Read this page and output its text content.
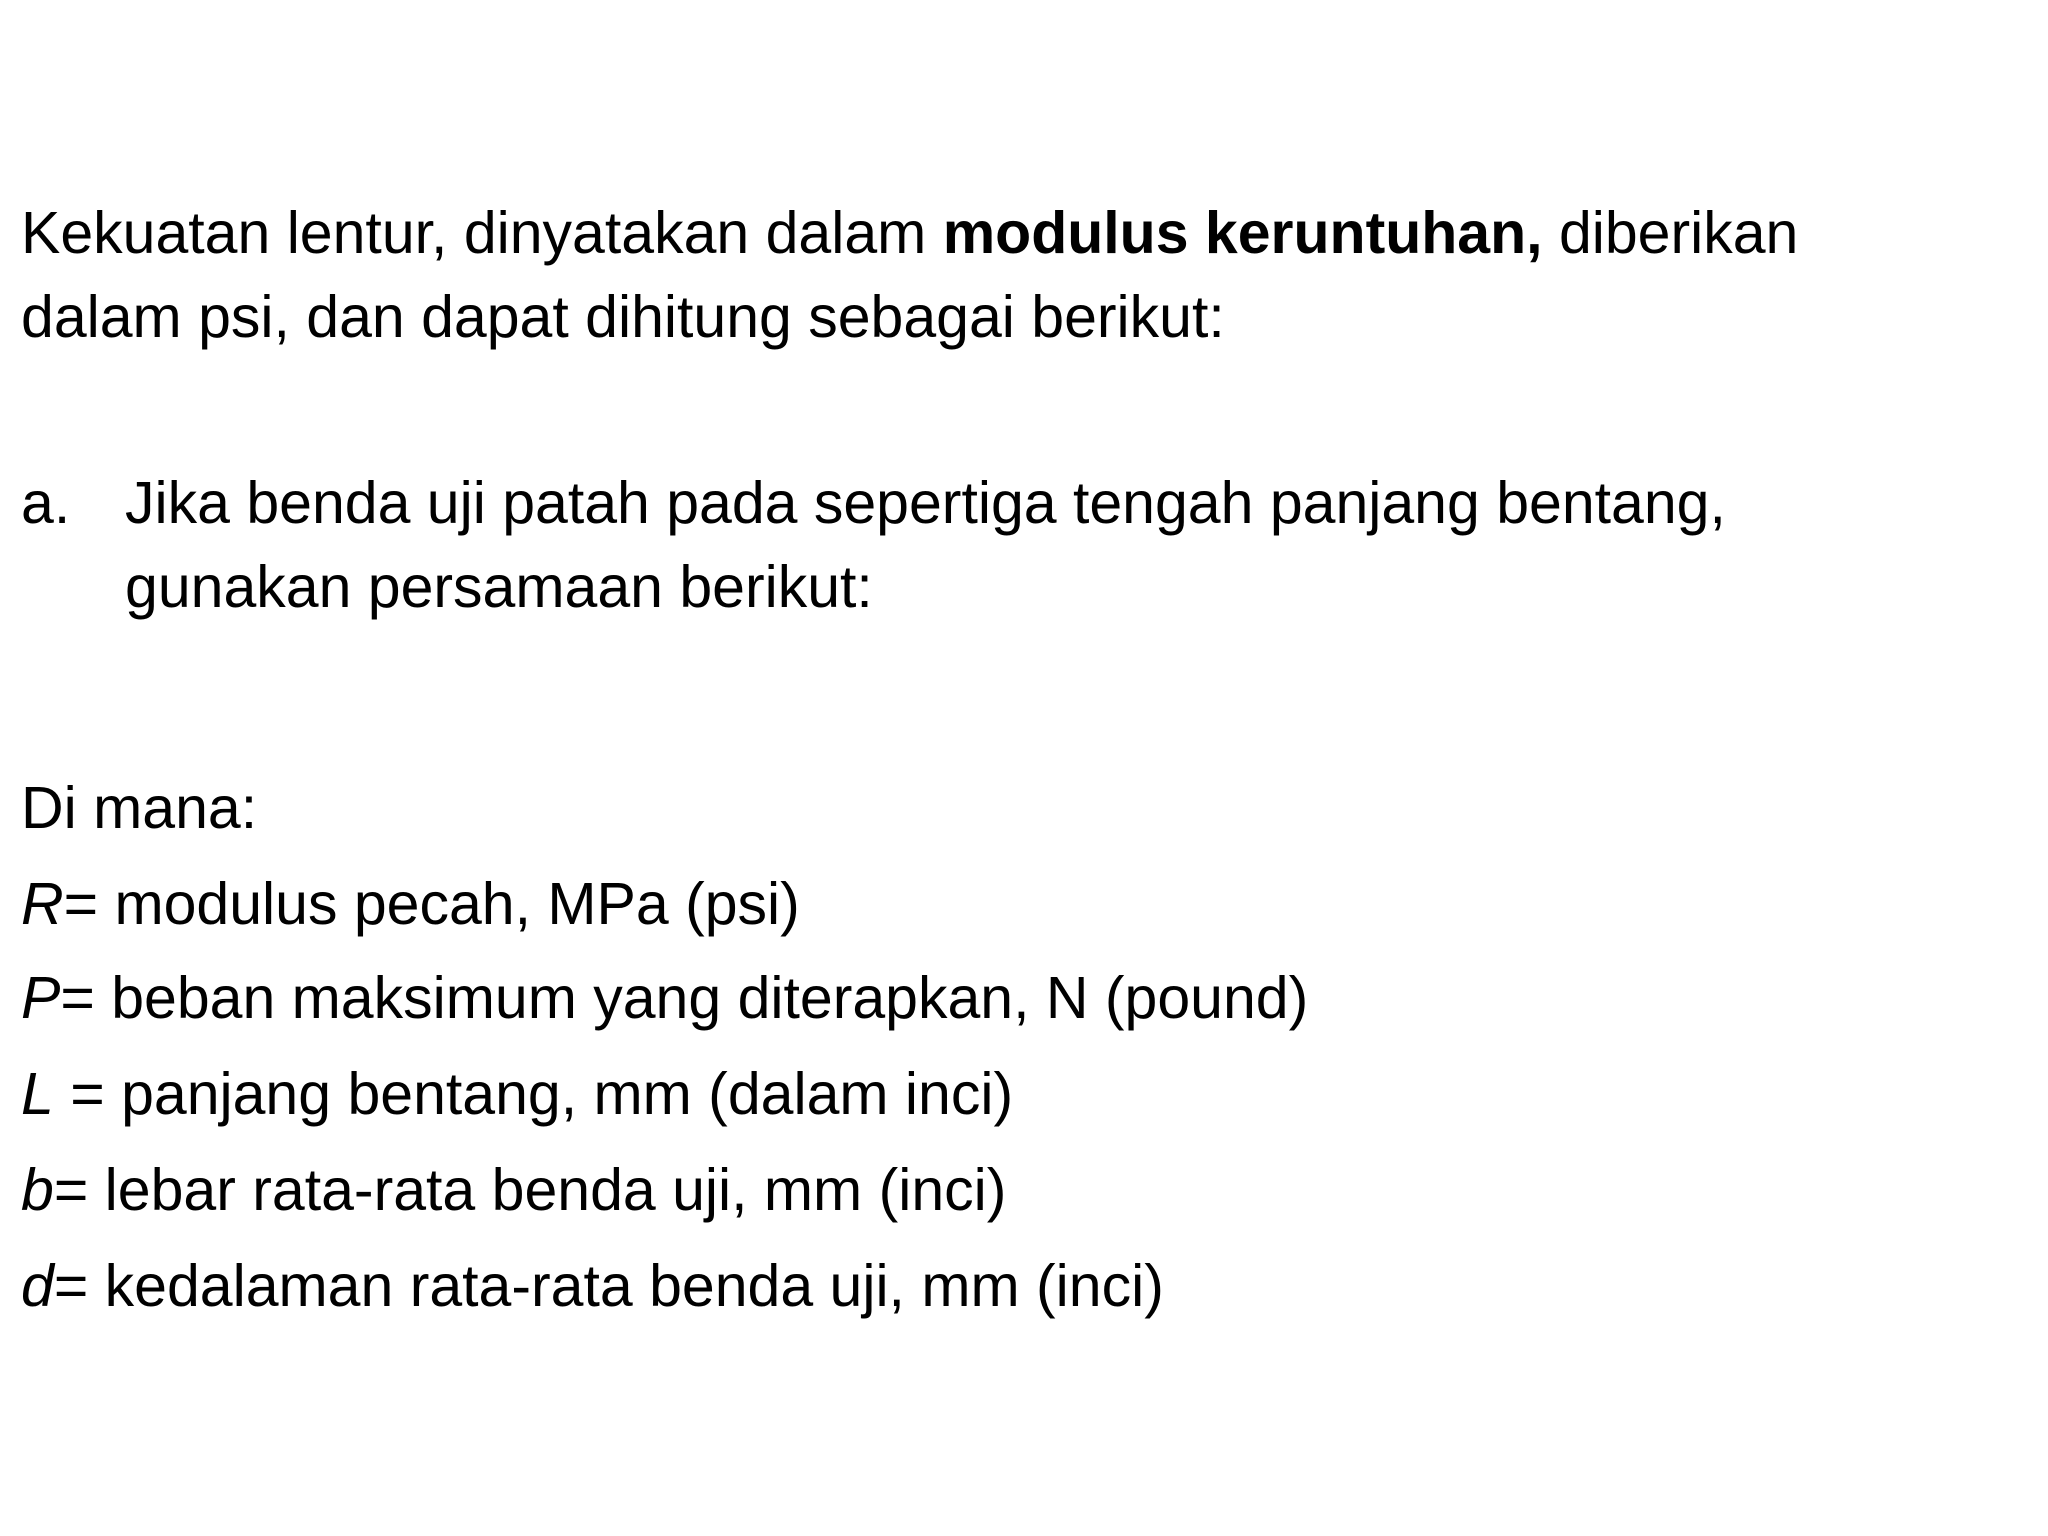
Kekuatan lentur, dinyatakan dalam modulus keruntuhan, diberikan
dalam psi, dan dapat dihitung sebagai berikut:

a. Jika benda uji patah pada sepertiga tengah panjang bentang,
gunakan persamaan berikut:

Di mana:

R= modulus pecah, MPa (psi)

P= beban maksimum yang diterapkan, N (pound)

L = panjang bentang, mm (dalam inci)

b= lebar rata-rata benda uji, mm (inci)

d= kedalaman rata-rata benda uji, mm (inci)
